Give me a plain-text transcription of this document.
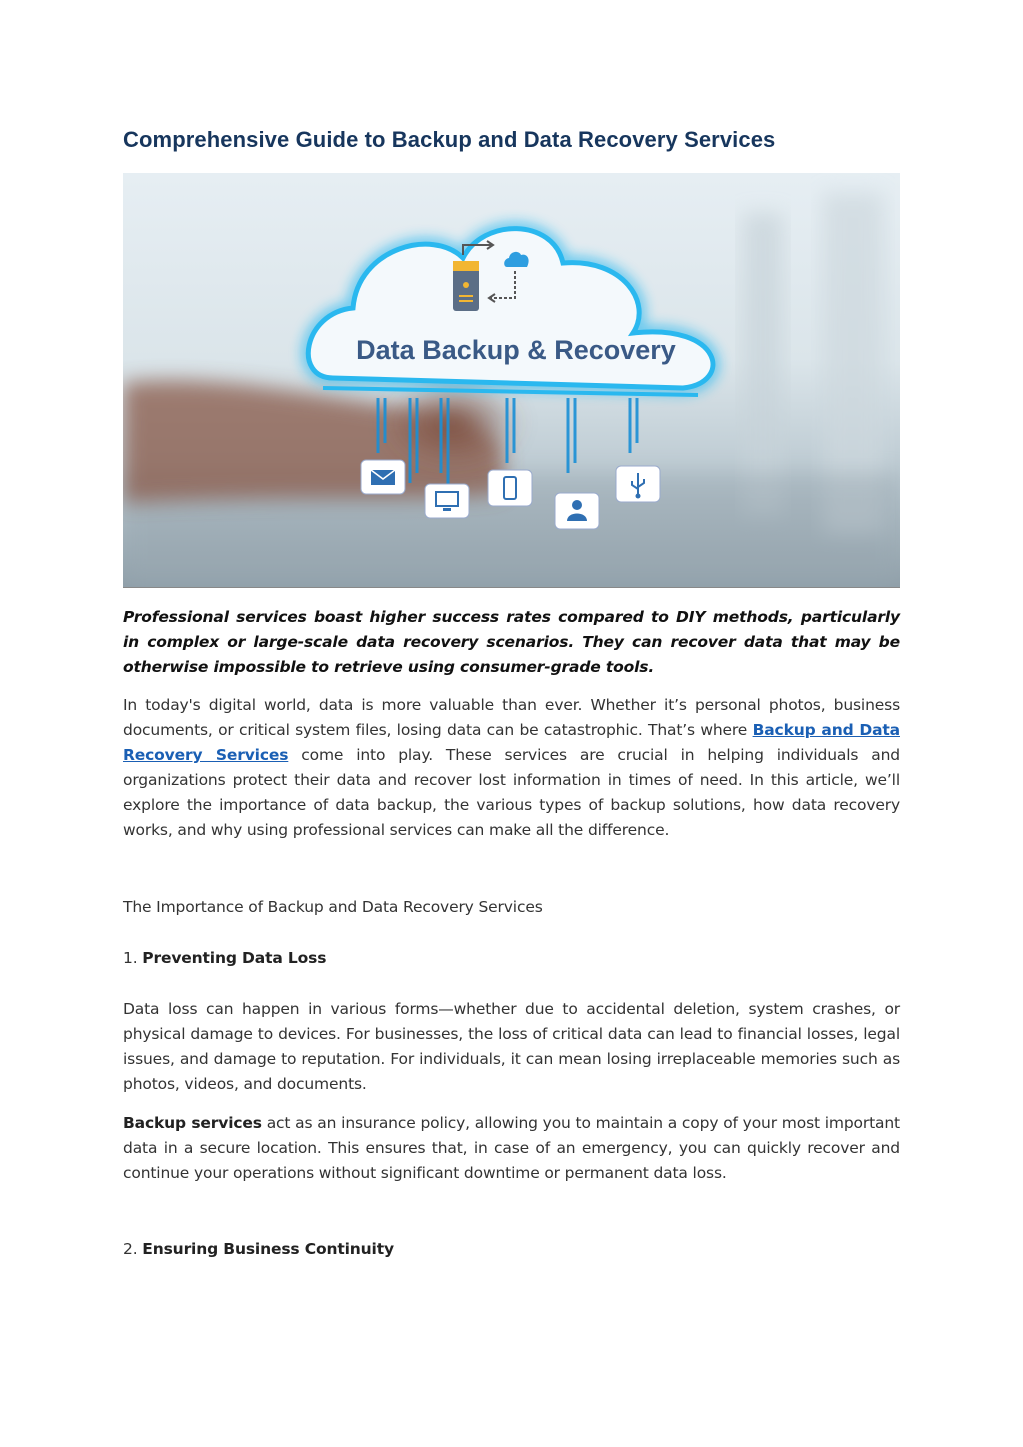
Comprehensive Guide to Backup and Data Recovery Services
Data Backup & Recovery

Professional services boast higher success rates compared to DIY methods, particularly in complex or large-scale data recovery scenarios. They can recover data that may be otherwise impossible to retrieve using consumer-grade tools.

In today's digital world, data is more valuable than ever. Whether it’s personal photos, business documents, or critical system files, losing data can be catastrophic. That’s where Backup and Data Recovery Services come into play. These services are crucial in helping individuals and organizations protect their data and recover lost information in times of need. In this article, we’ll explore the importance of data backup, the various types of backup solutions, how data recovery works, and why using professional services can make all the difference.

The Importance of Backup and Data Recovery Services

1. Preventing Data Loss

Data loss can happen in various forms—whether due to accidental deletion, system crashes, or physical damage to devices. For businesses, the loss of critical data can lead to financial losses, legal issues, and damage to reputation. For individuals, it can mean losing irreplaceable memories such as photos, videos, and documents.

Backup services act as an insurance policy, allowing you to maintain a copy of your most important data in a secure location. This ensures that, in case of an emergency, you can quickly recover and continue your operations without significant downtime or permanent data loss.

2. Ensuring Business Continuity
